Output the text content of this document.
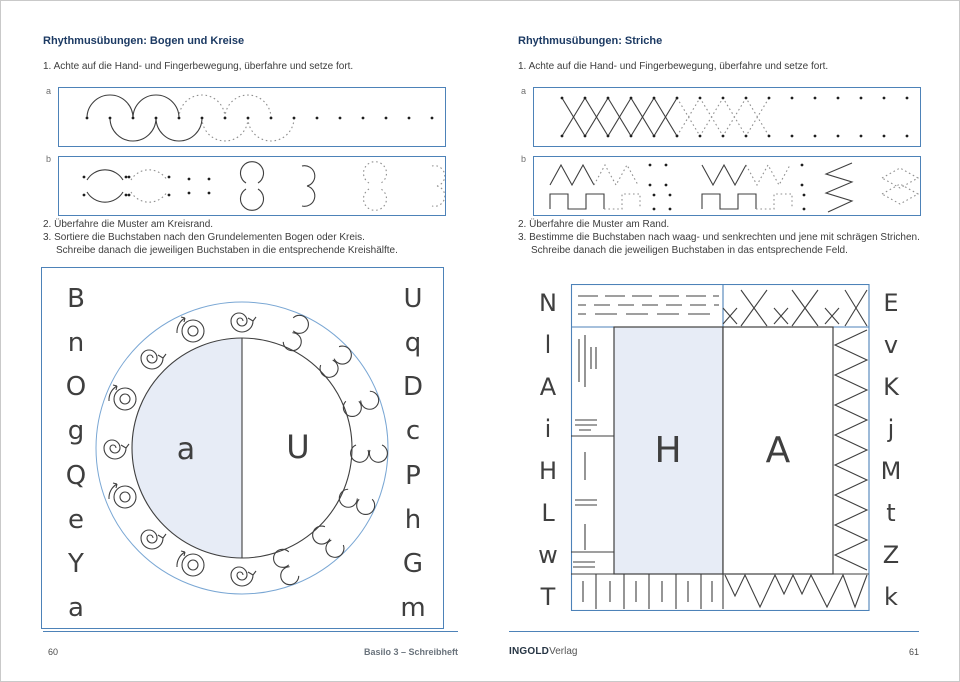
Rhythmusübungen: Bogen und Kreise
1. Achte auf die Hand- und Fingerbewegung, überfahre und setze fort.
a
b
2. Überfahre die Muster am Kreisrand.
3. Sortiere die Buchstaben nach den Grundelementen Bogen oder Kreis.
Schreibe danach die jeweiligen Buchstaben in die entsprechende Kreishälfte.
B
n
O
g
Q
e
Y
a
U
q
D
c
P
h
G
m
a	U
Rhythmusübungen: Striche
1. Achte auf die Hand- und Fingerbewegung, überfahre und setze fort.
a
b
2. Überfahre die Muster am Rand.
3. Bestimme die Buchstaben nach waag- und senkrechten und jene mit schrägen Strichen.
Schreibe danach die jeweiligen Buchstaben in das entsprechende Feld.
N
l
A
i
H
L
w
T
E
v
K
j
M
t
Z
k
H	A
60	Basilo 3 – Schreibheft	INGOLDVerlag	61
